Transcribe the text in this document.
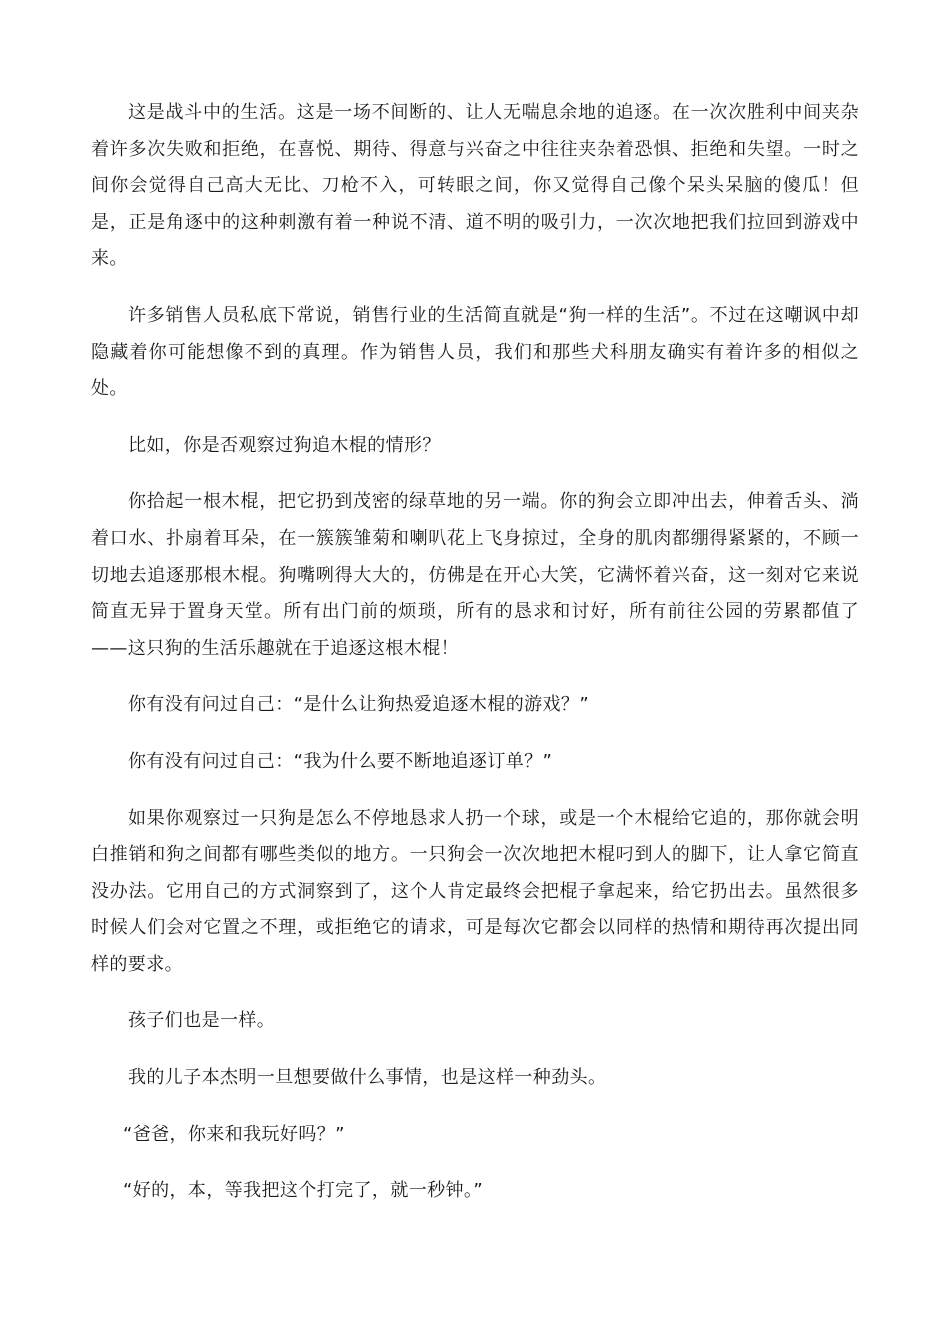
这是战斗中的生活。这是一场不间断的、让人无喘息余地的追逐。在一次次胜利中间夹杂着许多次失败和拒绝，在喜悦、期待、得意与兴奋之中往往夹杂着恐惧、拒绝和失望。一时之间你会觉得自己高大无比、刀枪不入，可转眼之间，你又觉得自己像个呆头呆脑的傻瓜！但是，正是角逐中的这种刺激有着一种说不清、道不明的吸引力，一次次地把我们拉回到游戏中来。

许多销售人员私底下常说，销售行业的生活简直就是“狗一样的生活”。不过在这嘲讽中却隐藏着你可能想像不到的真理。作为销售人员，我们和那些犬科朋友确实有着许多的相似之处。

比如，你是否观察过狗追木棍的情形？

你拾起一根木棍，把它扔到茂密的绿草地的另一端。你的狗会立即冲出去，伸着舌头、淌着口水、扑扇着耳朵，在一簇簇雏菊和喇叭花上飞身掠过，全身的肌肉都绷得紧紧的，不顾一切地去追逐那根木棍。狗嘴咧得大大的，仿佛是在开心大笑，它满怀着兴奋，这一刻对它来说简直无异于置身天堂。所有出门前的烦琐，所有的恳求和讨好，所有前往公园的劳累都值了——这只狗的生活乐趣就在于追逐这根木棍！

你有没有问过自己：“是什么让狗热爱追逐木棍的游戏？”

你有没有问过自己：“我为什么要不断地追逐订单？”

如果你观察过一只狗是怎么不停地恳求人扔一个球，或是一个木棍给它追的，那你就会明白推销和狗之间都有哪些类似的地方。一只狗会一次次地把木棍叼到人的脚下，让人拿它简直没办法。它用自己的方式洞察到了，这个人肯定最终会把棍子拿起来，给它扔出去。虽然很多时候人们会对它置之不理，或拒绝它的请求，可是每次它都会以同样的热情和期待再次提出同样的要求。

孩子们也是一样。

我的儿子本杰明一旦想要做什么事情，也是这样一种劲头。

“爸爸，你来和我玩好吗？”

“好的，本，等我把这个打完了，就一秒钟。”
